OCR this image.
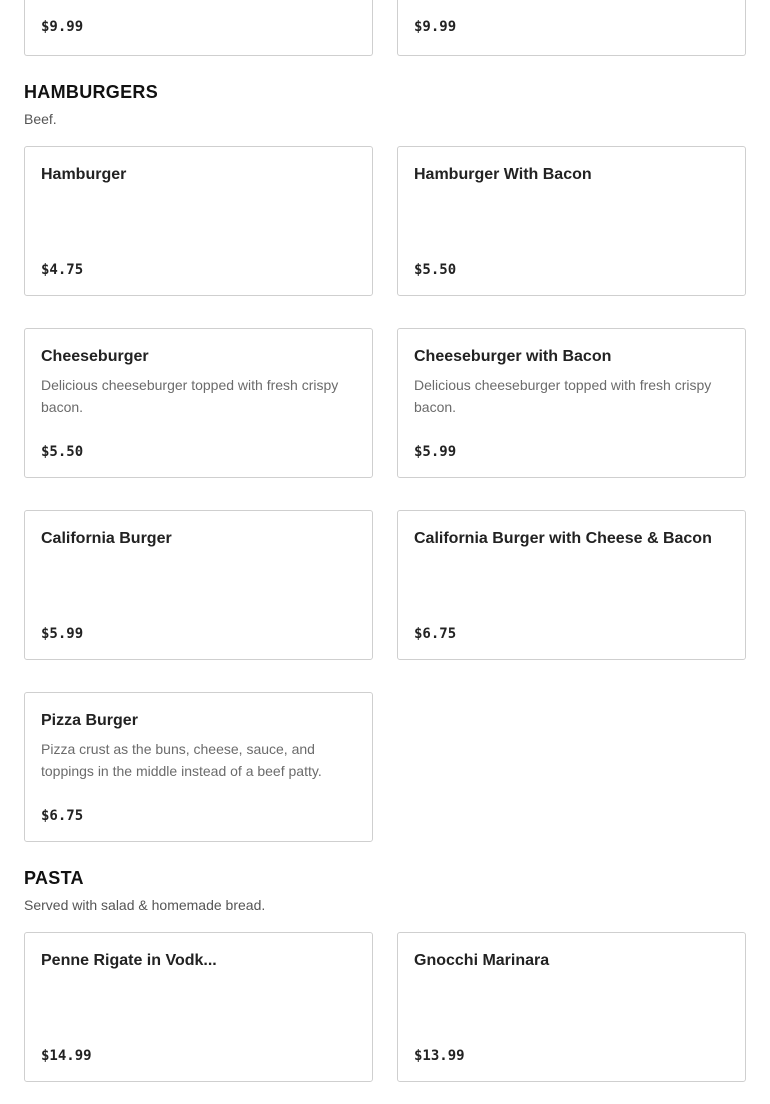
$9.99	$9.99
HAMBURGERS
Beef.
Hamburger
$4.75
Hamburger With Bacon
$5.50
Cheeseburger
Delicious cheeseburger topped with fresh crispy bacon.
$5.50
Cheeseburger with Bacon
Delicious cheeseburger topped with fresh crispy bacon.
$5.99
California Burger
$5.99
California Burger with Cheese & Bacon
$6.75
Pizza Burger
Pizza crust as the buns, cheese, sauce, and toppings in the middle instead of a beef patty.
$6.75
PASTA
Served with salad & homemade bread.
Penne Rigate in Vodk...
$14.99
Gnocchi Marinara
$13.99
